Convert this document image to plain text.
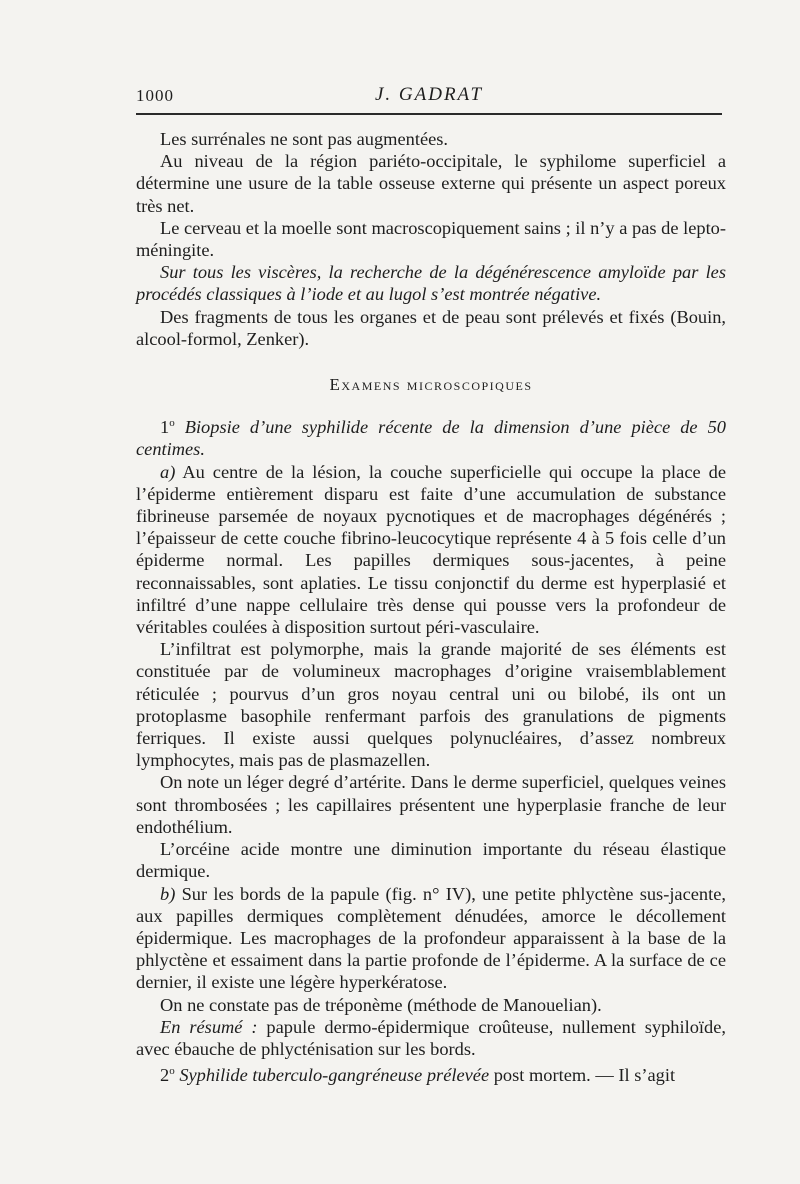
1000	J. GADRAT

Les surrénales ne sont pas augmentées.

Au niveau de la région pariéto-occipitale, le syphilome superficiel a détermine une usure de la table osseuse externe qui présente un aspect poreux très net.

Le cerveau et la moelle sont macroscopiquement sains ; il n’y a pas de lepto-méningite.

Sur tous les viscères, la recherche de la dégénérescence amyloïde par les procédés classiques à l’iode et au lugol s’est montrée négative.

Des fragments de tous les organes et de peau sont prélevés et fixés (Bouin, alcool-formol, Zenker).

Examens microscopiques

1$^o$ Biopsie d’une syphilide récente de la dimension d’une pièce de 50 centimes.

a) Au centre de la lésion, la couche superficielle qui occupe la place de l’épiderme entièrement disparu est faite d’une accumulation de substance fibrineuse parsemée de noyaux pycnotiques et de macrophages dégénérés ; l’épaisseur de cette couche fibrino-leucocytique représente 4 à 5 fois celle d’un épiderme normal. Les papilles dermiques sous-jacentes, à peine reconnaissables, sont aplaties. Le tissu conjonctif du derme est hyperplasié et infiltré d’une nappe cellulaire très dense qui pousse vers la profondeur de véritables coulées à disposition surtout péri-vasculaire.

L’infiltrat est polymorphe, mais la grande majorité de ses éléments est constituée par de volumineux macrophages d’origine vraisemblablement réticulée ; pourvus d’un gros noyau central uni ou bilobé, ils ont un protoplasme basophile renfermant parfois des granulations de pigments ferriques. Il existe aussi quelques polynucléaires, d’assez nombreux lymphocytes, mais pas de plasmazellen.

On note un léger degré d’artérite. Dans le derme superficiel, quelques veines sont thrombosées ; les capillaires présentent une hyperplasie franche de leur endothélium.

L’orcéine acide montre une diminution importante du réseau élastique dermique.

b) Sur les bords de la papule (fig. n° IV), une petite phlyctène sus-jacente, aux papilles dermiques complètement dénudées, amorce le décollement épidermique. Les macrophages de la profondeur apparaissent à la base de la phlyctène et essaiment dans la partie profonde de l’épiderme. A la surface de ce dernier, il existe une légère hyperkératose.

On ne constate pas de tréponème (méthode de Manouelian).

En résumé : papule dermo-épidermique croûteuse, nullement syphiloïde, avec ébauche de phlycténisation sur les bords.

2$^o$ Syphilide tuberculo-gangréneuse prélevée post mortem. — Il s’agit
